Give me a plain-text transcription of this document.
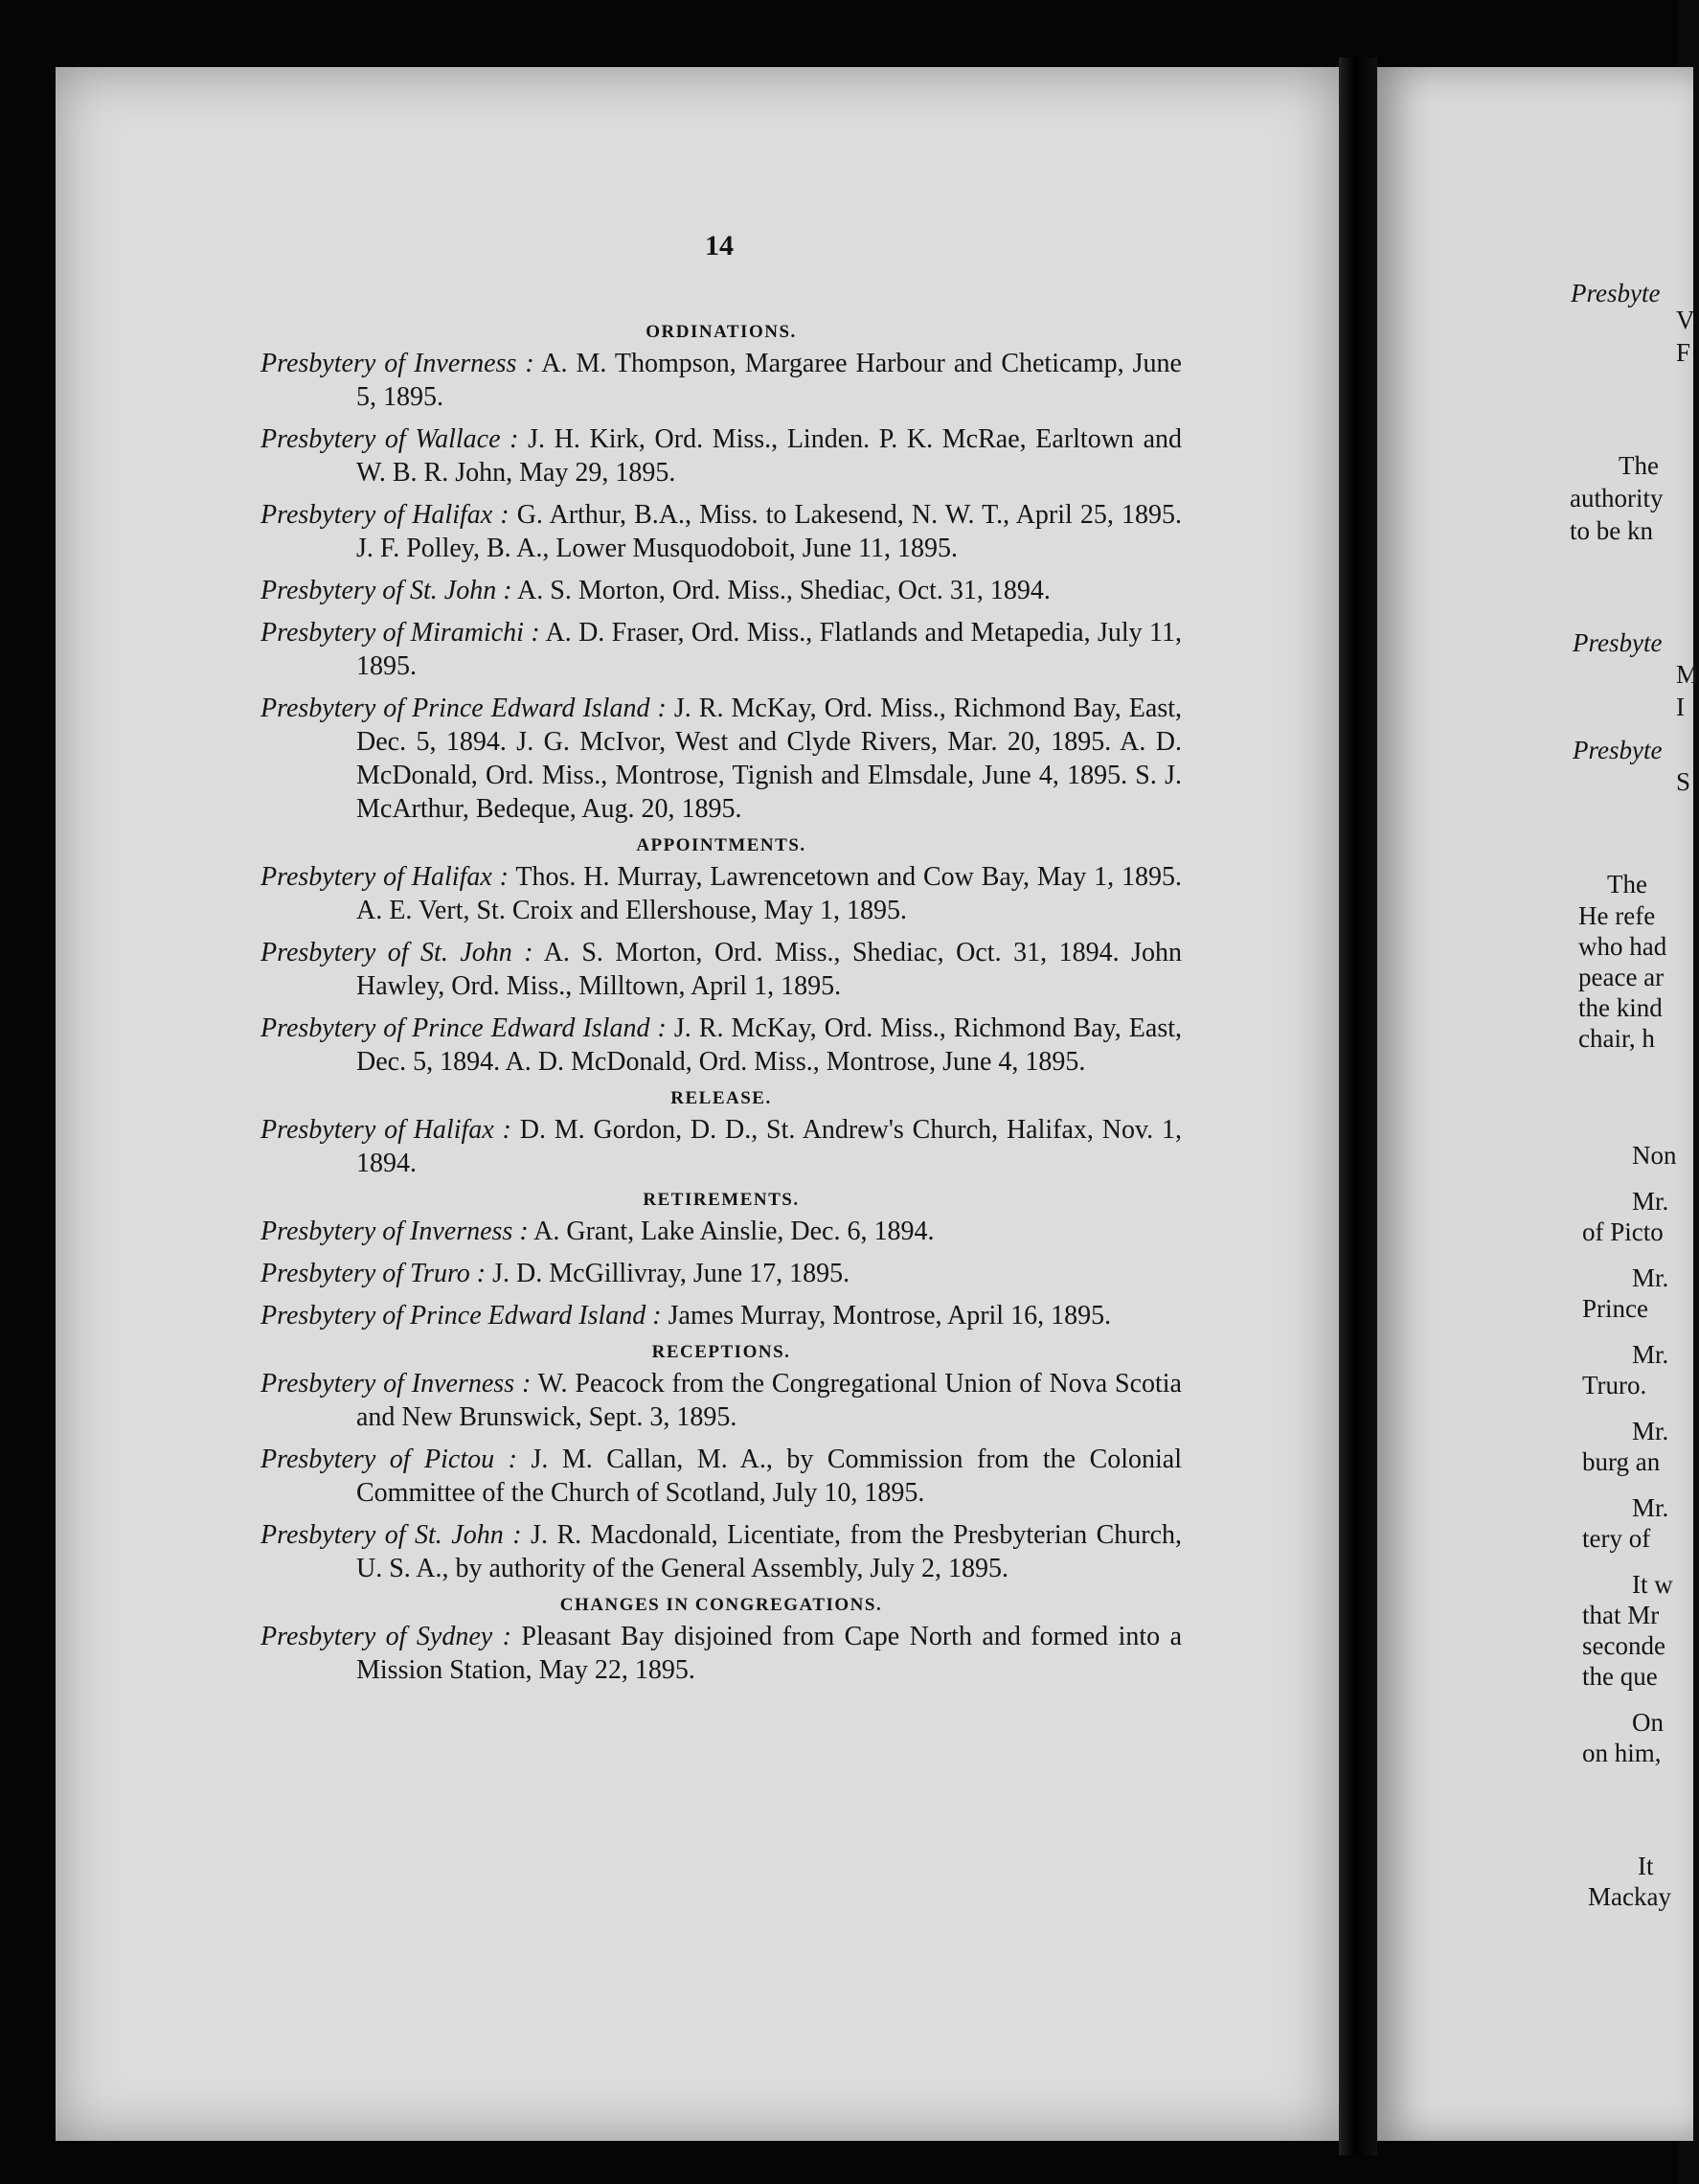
14
ORDINATIONS.
Presbytery of Inverness : A. M. Thompson, Margaree Harbour and Cheticamp, June 5, 1895.
Presbytery of Wallace : J. H. Kirk, Ord. Miss., Linden. P. K. McRae, Earltown and W. B. R. John, May 29, 1895.
Presbytery of Halifax : G. Arthur, B.A., Miss. to Lakesend, N. W. T., April 25, 1895. J. F. Polley, B. A., Lower Musquodoboit, June 11, 1895.
Presbytery of St. John : A. S. Morton, Ord. Miss., Shediac, Oct. 31, 1894.
Presbytery of Miramichi : A. D. Fraser, Ord. Miss., Flatlands and Metapedia, July 11, 1895.
Presbytery of Prince Edward Island : J. R. McKay, Ord. Miss., Richmond Bay, East, Dec. 5, 1894. J. G. McIvor, West and Clyde Rivers, Mar. 20, 1895. A. D. McDonald, Ord. Miss., Montrose, Tignish and Elmsdale, June 4, 1895. S. J. McArthur, Bedeque, Aug. 20, 1895.
APPOINTMENTS.
Presbytery of Halifax : Thos. H. Murray, Lawrencetown and Cow Bay, May 1, 1895. A. E. Vert, St. Croix and Ellershouse, May 1, 1895.
Presbytery of St. John : A. S. Morton, Ord. Miss., Shediac, Oct. 31, 1894. John Hawley, Ord. Miss., Milltown, April 1, 1895.
Presbytery of Prince Edward Island : J. R. McKay, Ord. Miss., Richmond Bay, East, Dec. 5, 1894. A. D. McDonald, Ord. Miss., Montrose, June 4, 1895.
RELEASE.
Presbytery of Halifax : D. M. Gordon, D. D., St. Andrew's Church, Halifax, Nov. 1, 1894.
RETIREMENTS.
Presbytery of Inverness : A. Grant, Lake Ainslie, Dec. 6, 1894.
Presbytery of Truro : J. D. McGillivray, June 17, 1895.
Presbytery of Prince Edward Island : James Murray, Montrose, April 16, 1895.
RECEPTIONS.
Presbytery of Inverness : W. Peacock from the Congregational Union of Nova Scotia and New Brunswick, Sept. 3, 1895.
Presbytery of Pictou : J. M. Callan, M. A., by Commission from the Colonial Committee of the Church of Scotland, July 10, 1895.
Presbytery of St. John : J. R. Macdonald, Licentiate, from the Presbyterian Church, U. S. A., by authority of the General Assembly, July 2, 1895.
CHANGES IN CONGREGATIONS.
Presbytery of Sydney : Pleasant Bay disjoined from Cape North and formed into a Mission Station, May 22, 1895.
Presbyte
V
F
The
authority
to be kn
Presbyte
M
I
Presbyte
S
The
He refe
who had
peace ar
the kind
chair, h
Non
Mr.
of Picto
Mr.
Prince
Mr.
Truro.
Mr.
burg an
Mr.
tery of
It w
that Mr
seconde
the que
On
on him,
It
Mackay
